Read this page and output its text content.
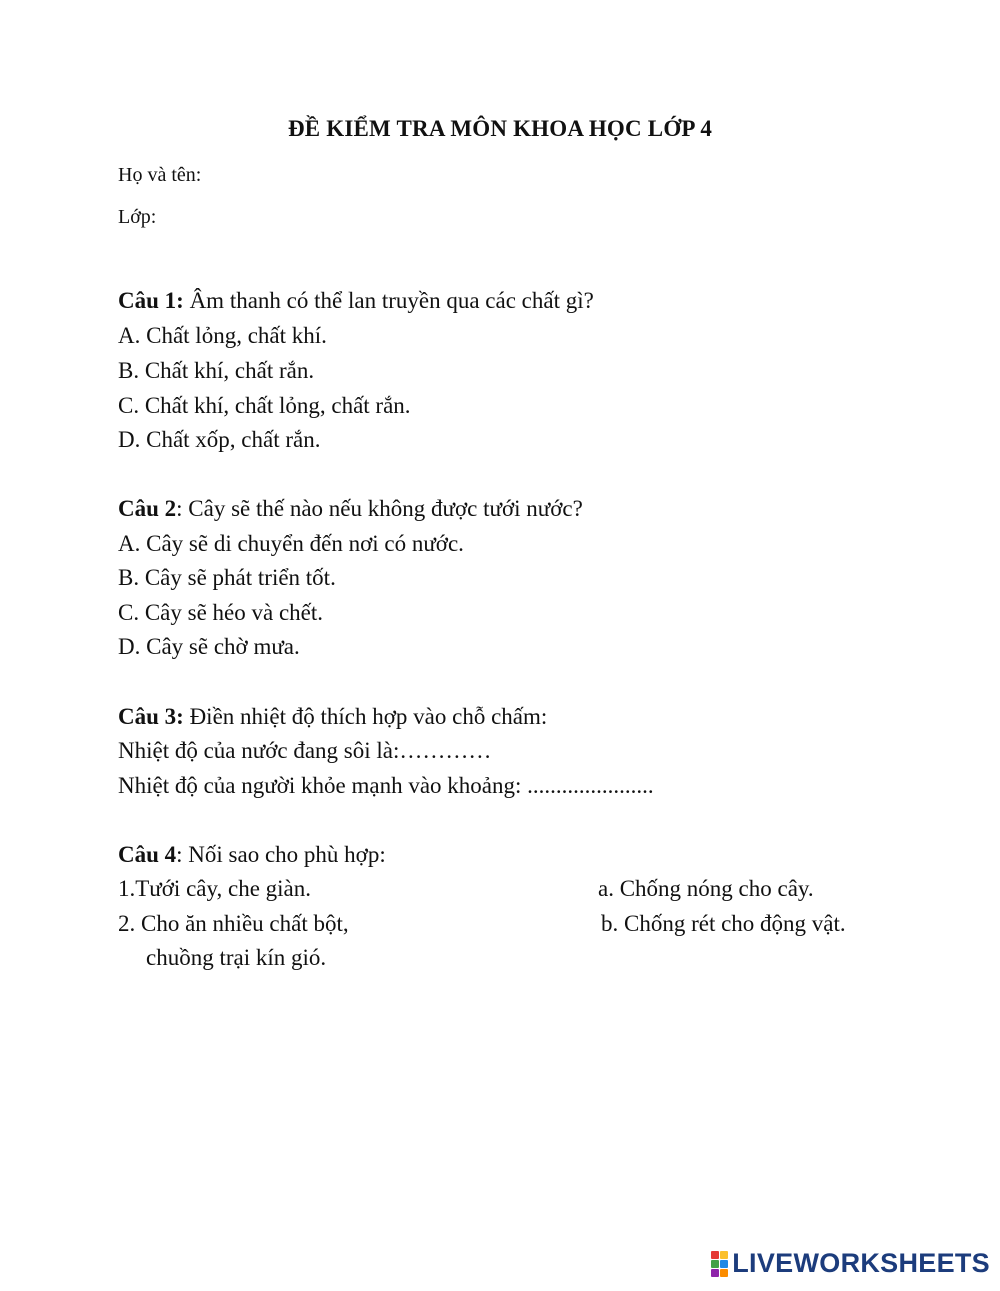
ĐỀ KIỂM TRA MÔN KHOA HỌC LỚP 4
Họ và tên:
Lớp:
Câu 1: Âm thanh có thể lan truyền qua các chất gì?
A. Chất lỏng, chất khí.
B. Chất khí, chất rắn.
C. Chất khí, chất lỏng, chất rắn.
D. Chất xốp, chất rắn.
Câu 2: Cây sẽ thế nào nếu không được tưới nước?
A. Cây sẽ di chuyển đến nơi có nước.
B. Cây sẽ phát triển tốt.
C. Cây sẽ héo và chết.
D. Cây sẽ chờ mưa.
Câu 3: Điền nhiệt độ thích hợp vào chỗ chấm:
Nhiệt độ của nước đang sôi là:…………
Nhiệt độ của người khỏe mạnh vào khoảng: ......................
Câu 4: Nối sao cho phù hợp:
1.Tưới cây, che giàn.
2. Cho ăn nhiều chất bột,
chuồng trại kín gió.
a. Chống nóng cho cây.
b. Chống rét cho động vật.
LIVEWORKSHEETS
